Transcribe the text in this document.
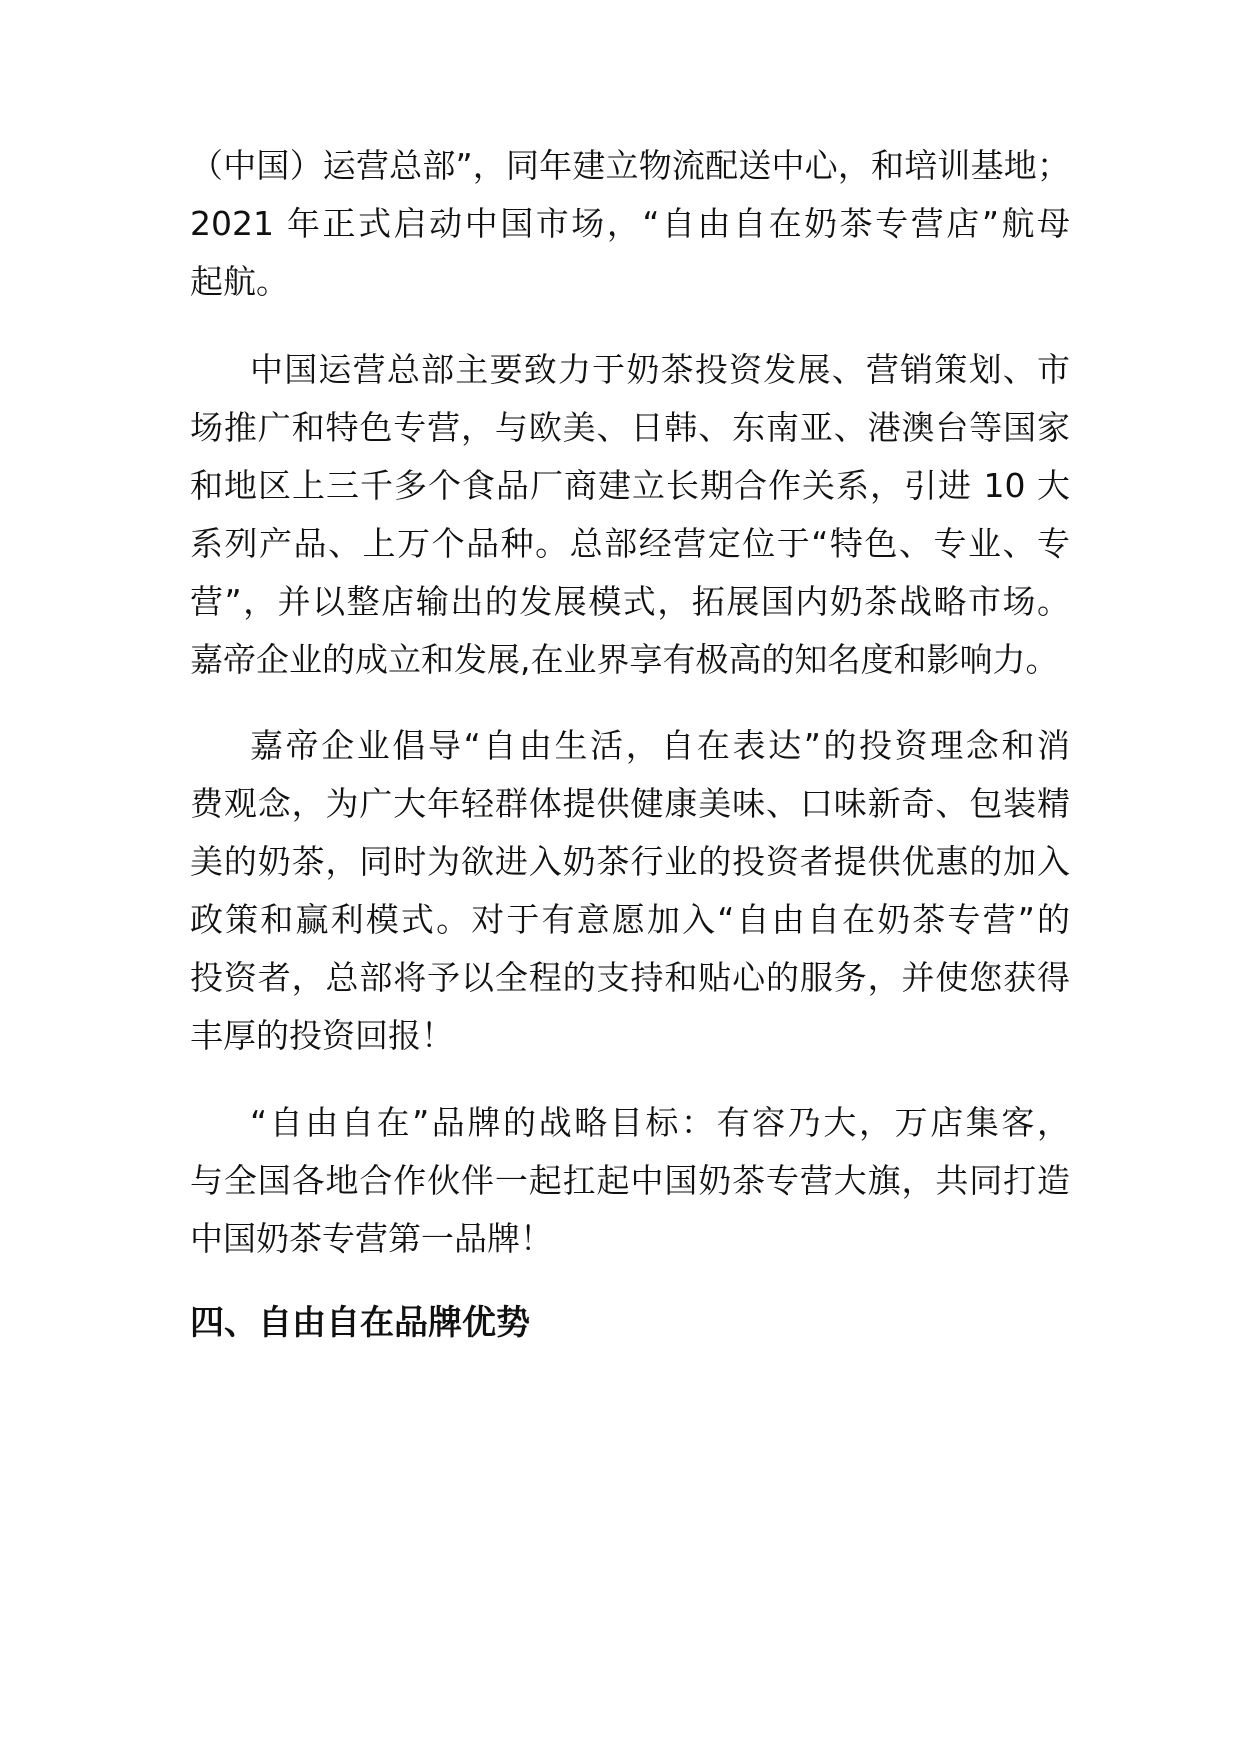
（中国）运营总部”，同年建立物流配送中心，和培训基地；
2021 年正式启动中国市场，“自由自在奶茶专营店”航母
起航。
中国运营总部主要致力于奶茶投资发展、营销策划、市
场推广和特色专营，与欧美、日韩、东南亚、港澳台等国家
和地区上三千多个食品厂商建立长期合作关系，引进 10 大
系列产品、上万个品种。总部经营定位于“特色、专业、专
营”，并以整店输出的发展模式，拓展国内奶茶战略市场。
嘉帝企业的成立和发展,在业界享有极高的知名度和影响力。
嘉帝企业倡导“自由生活，自在表达”的投资理念和消
费观念，为广大年轻群体提供健康美味、口味新奇、包装精
美的奶茶，同时为欲进入奶茶行业的投资者提供优惠的加入
政策和赢利模式。对于有意愿加入“自由自在奶茶专营”的
投资者，总部将予以全程的支持和贴心的服务，并使您获得
丰厚的投资回报！
“自由自在”品牌的战略目标：有容乃大，万店集客，
与全国各地合作伙伴一起扛起中国奶茶专营大旗，共同打造
中国奶茶专营第一品牌！
四、自由自在品牌优势
